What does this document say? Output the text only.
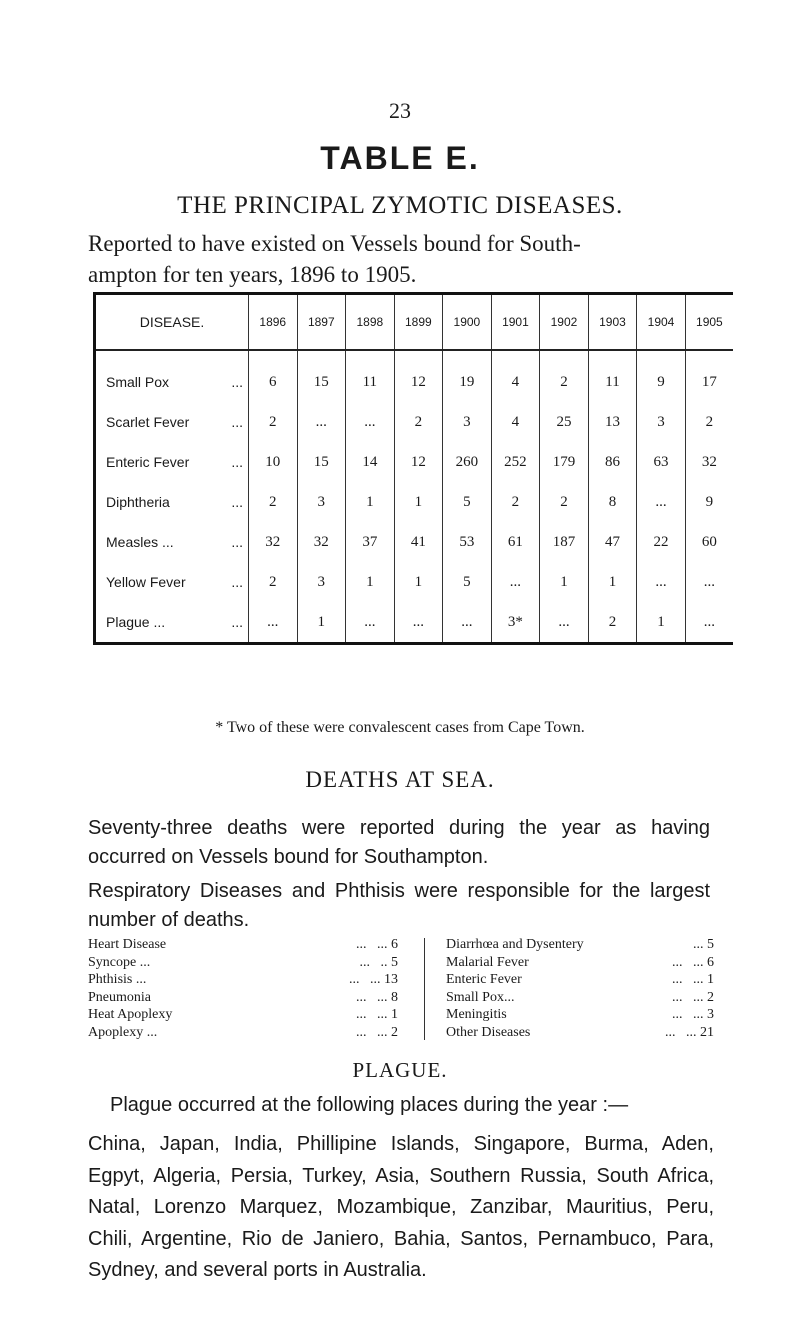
23
TABLE E.
THE PRINCIPAL ZYMOTIC DISEASES.
Reported to have existed on Vessels bound for South-
ampton for ten years, 1896 to 1905.
DISEASE.	1896	1897	1898	1899	1900	1901	1902	1903	1904	1905
Small Pox ...	6	15	11	12	19	4	2	11	9	17
Scarlet Fever ...	2	...	...	2	3	4	25	13	3	2
Enteric Fever ...	10	15	14	12	260	252	179	86	63	32
Diphtheria ...	2	3	1	1	5	2	2	8	...	9
Measles ... ...	32	32	37	41	53	61	187	47	22	60
Yellow Fever ...	2	3	1	1	5	...	1	1	...	...
Plague ... ...	...	1	...	...	...	3*	...	2	1	...
* Two of these were convalescent cases from Cape Town.
DEATHS AT SEA.
Seventy-three deaths were reported during the year as having occurred on Vessels bound for Southampton.
Respiratory Diseases and Phthisis were responsible for the largest number of deaths.
Heart Disease	...   ... 6
Syncope ...	...   .. 5
Phthisis ...	...   ... 13
Pneumonia	...   ... 8
Heat Apoplexy	...   ... 1
Apoplexy ...	...   ... 2
Diarrhœa and Dysentery	... 5
Malarial Fever	...   ... 6
Enteric Fever	...   ... 1
Small Pox...	...   ... 2
Meningitis	...   ... 3
Other Diseases	...   ... 21
PLAGUE.
Plague occurred at the following places during the year :—
China, Japan, India, Phillipine Islands, Singapore, Burma, Aden, Egpyt, Algeria, Persia, Turkey, Asia, Southern Russia, South Africa, Natal, Lorenzo Marquez, Mozambique, Zanzibar, Mauritius, Peru, Chili, Argentine, Rio de Janiero, Bahia, Santos, Pernambuco, Para, Sydney, and several ports in Australia.
